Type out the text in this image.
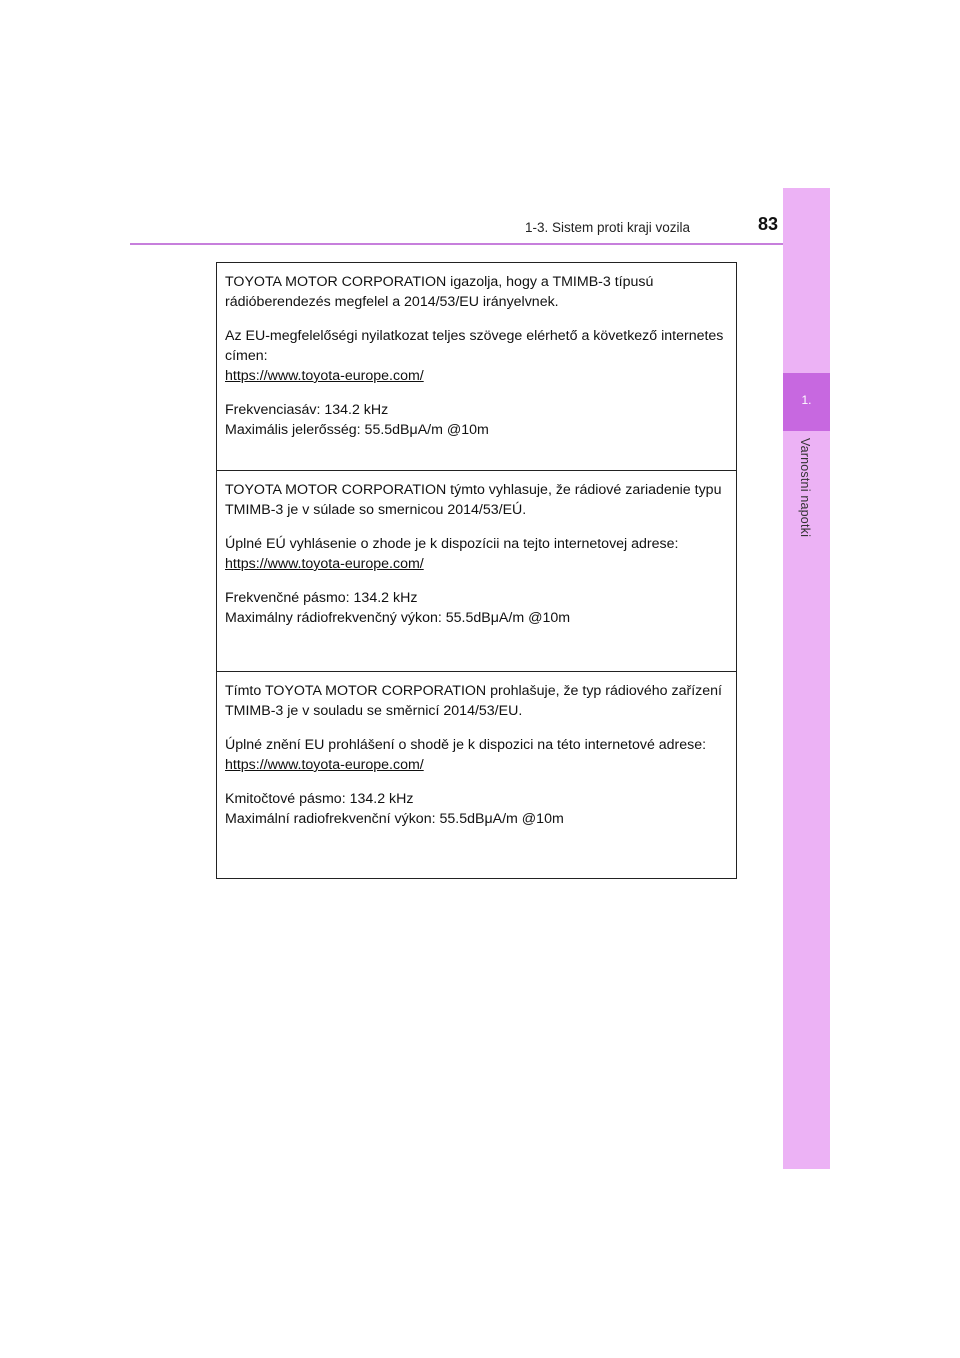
1-3. Sistem proti kraji vozila	83
1.
Varnostni napotki

TOYOTA MOTOR CORPORATION igazolja, hogy a TMIMB-3 típusú rádióberendezés megfelel a 2014/53/EU irányelvnek.

Az EU-megfelelőségi nyilatkozat teljes szövege elérhető a következő internetes címen:

https://www.toyota-europe.com/

Frekvenciasáv: 134.2 kHz

Maximális jelerősség: 55.5dBμA/m @10m

TOYOTA MOTOR CORPORATION týmto vyhlasuje, že rádiové zariadenie typu TMIMB-3 je v súlade so smernicou 2014/53/EÚ.

Úplné EÚ vyhlásenie o zhode je k dispozícii na tejto internetovej adrese:

https://www.toyota-europe.com/

Frekvenčné pásmo: 134.2 kHz

Maximálny rádiofrekvenčný výkon: 55.5dBμA/m @10m

Tímto TOYOTA MOTOR CORPORATION prohlašuje, že typ rádiového zařízení TMIMB-3 je v souladu se směrnicí 2014/53/EU.

Úplné znění EU prohlášení o shodě je k dispozici na této internetové adrese:

https://www.toyota-europe.com/

Kmitočtové pásmo: 134.2 kHz

Maximální radiofrekvenční výkon: 55.5dBμA/m @10m
